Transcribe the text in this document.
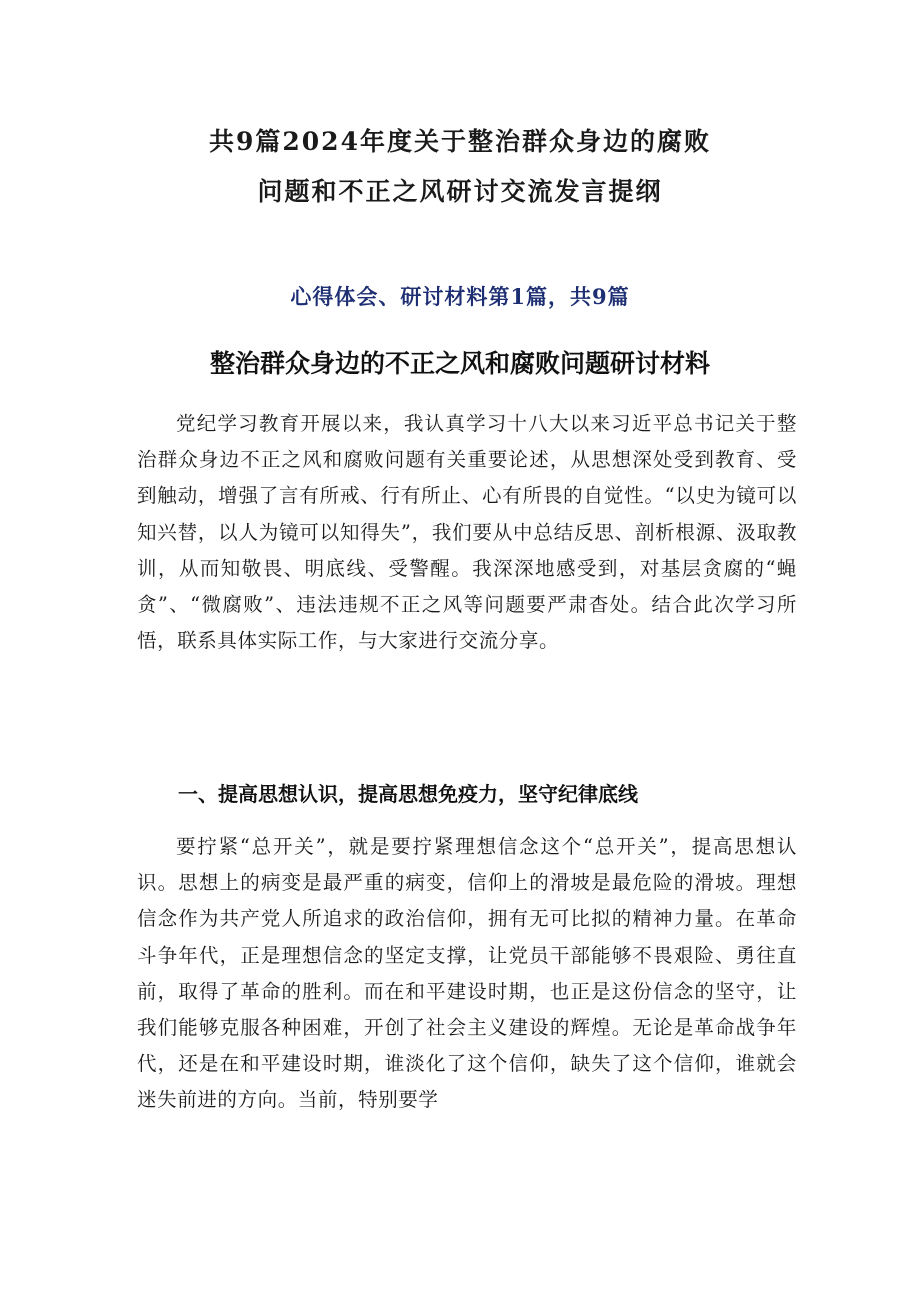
共9篇2024年度关于整治群众身边的腐败
问题和不正之风研讨交流发言提纲
心得体会、研讨材料第1篇，共9篇
整治群众身边的不正之风和腐败问题研讨材料

党纪学习教育开展以来，我认真学习十八大以来习近平总书记关于整治群众身边不正之风和腐败问题有关重要论述，从思想深处受到教育、受到触动，增强了言有所戒、行有所止、心有所畏的自觉性。“以史为镜可以知兴替，以人为镜可以知得失”，我们要从中总结反思、剖析根源、汲取教训，从而知敬畏、明底线、受警醒。我深深地感受到，对基层贪腐的“蝇贪”、“微腐败”、违法违规不正之风等问题要严肃杳处。结合此次学习所悟，联系具体实际工作，与大家进行交流分享。

一、提高思想认识，提高思想免疫力，坚守纪律底线

要拧紧“总开关”，就是要拧紧理想信念这个“总开关”，提高思想认识。思想上的病变是最严重的病变，信仰上的滑坡是最危险的滑坡。理想信念作为共产党人所追求的政治信仰，拥有无可比拟的精神力量。在革命斗争年代，正是理想信念的坚定支撑，让党员干部能够不畏艰险、勇往直前，取得了革命的胜利。而在和平建设时期，也正是这份信念的坚守，让我们能够克服各种困难，开创了社会主义建设的辉煌。无论是革命战争年代，还是在和平建设时期，谁淡化了这个信仰，缺失了这个信仰，谁就会迷失前进的方向。当前，特别要学
